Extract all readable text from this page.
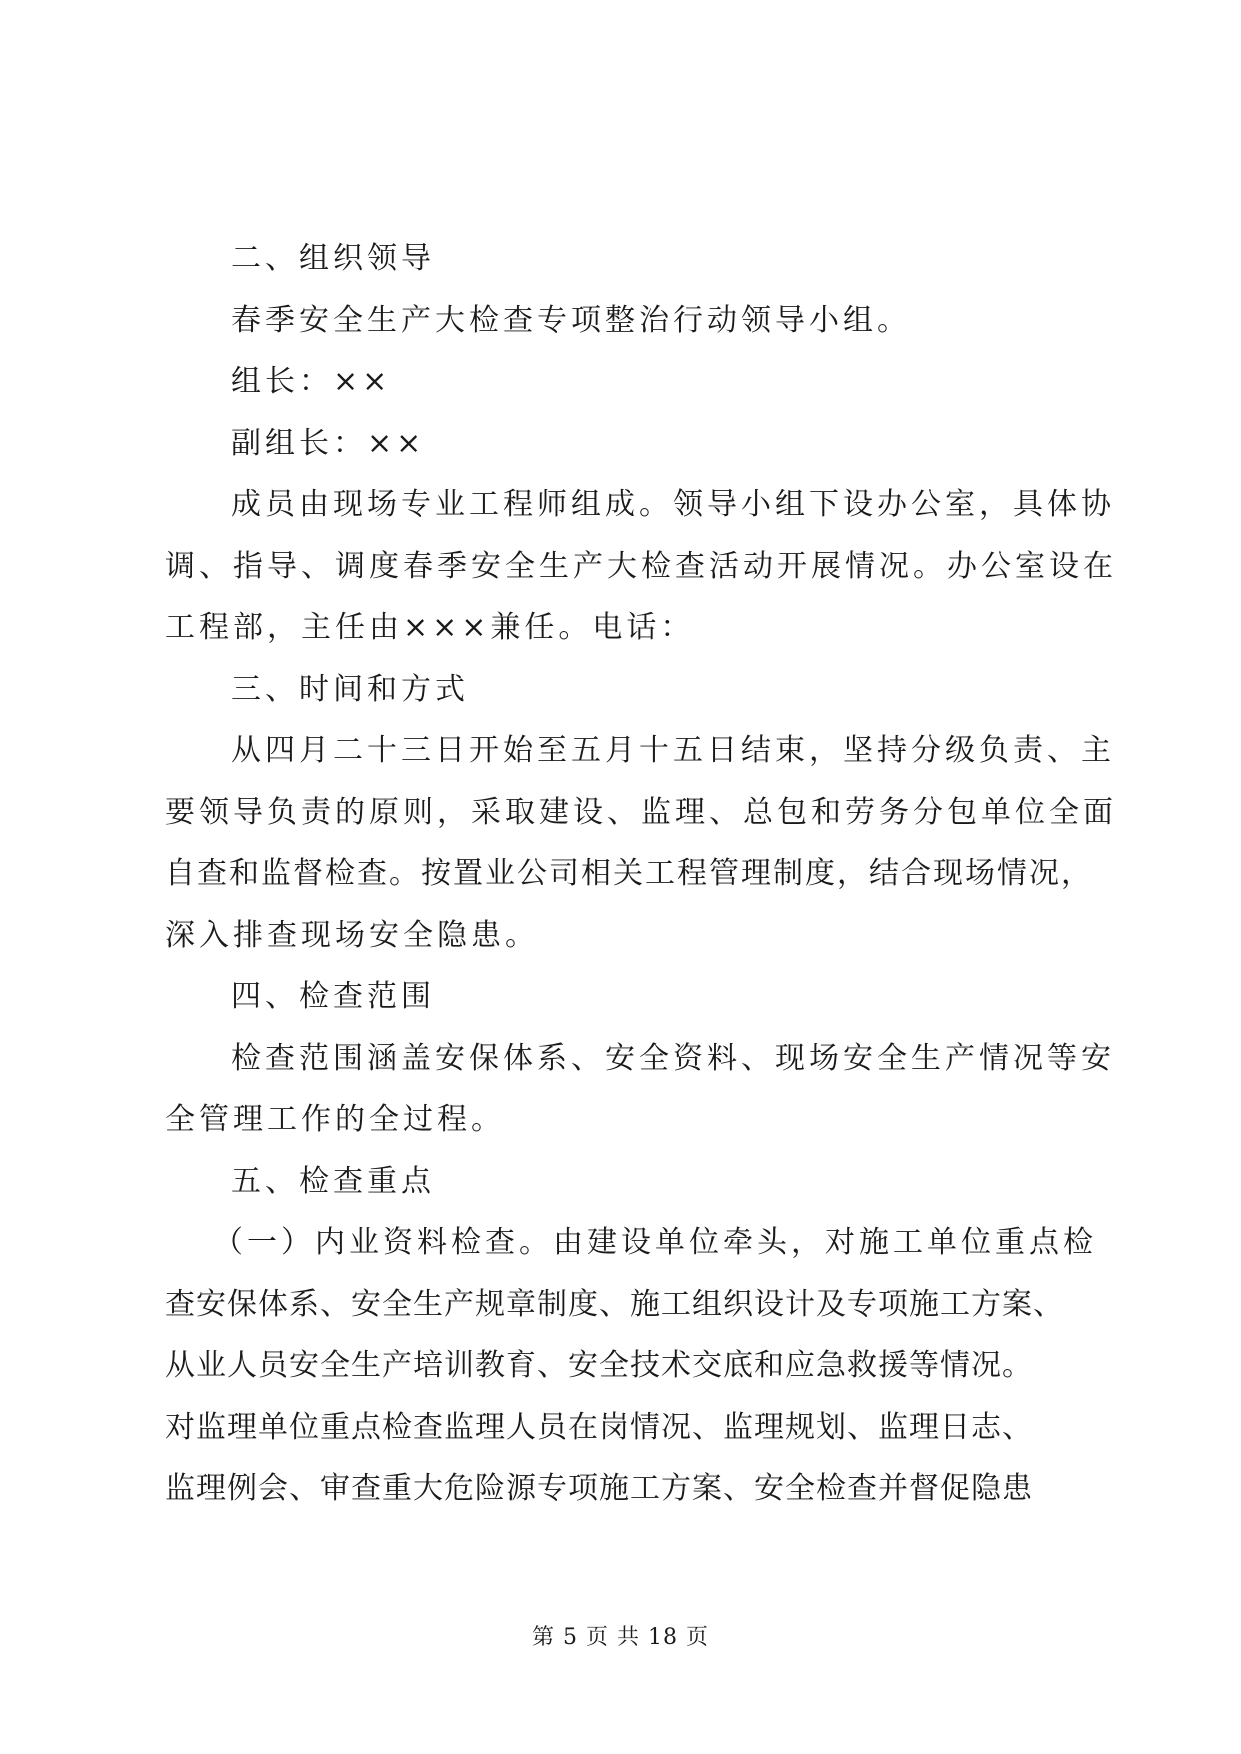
二、组织领导
春季安全生产大检查专项整治行动领导小组。
组长：××
副组长：××
成员由现场专业工程师组成。领导小组下设办公室，具体协
调、指导、调度春季安全生产大检查活动开展情况。办公室设在
工程部，主任由×××兼任。电话：
三、时间和方式
从四月二十三日开始至五月十五日结束，坚持分级负责、主
要领导负责的原则，采取建设、监理、总包和劳务分包单位全面
自查和监督检查。按置业公司相关工程管理制度，结合现场情况，
深入排查现场安全隐患。
四、检查范围
检查范围涵盖安保体系、安全资料、现场安全生产情况等安
全管理工作的全过程。
五、检查重点
（一）内业资料检查。由建设单位牵头，对施工单位重点检
查安保体系、安全生产规章制度、施工组织设计及专项施工方案、
从业人员安全生产培训教育、安全技术交底和应急救援等情况。
对监理单位重点检查监理人员在岗情况、监理规划、监理日志、
监理例会、审查重大危险源专项施工方案、安全检查并督促隐患
第 5 页 共 18 页
